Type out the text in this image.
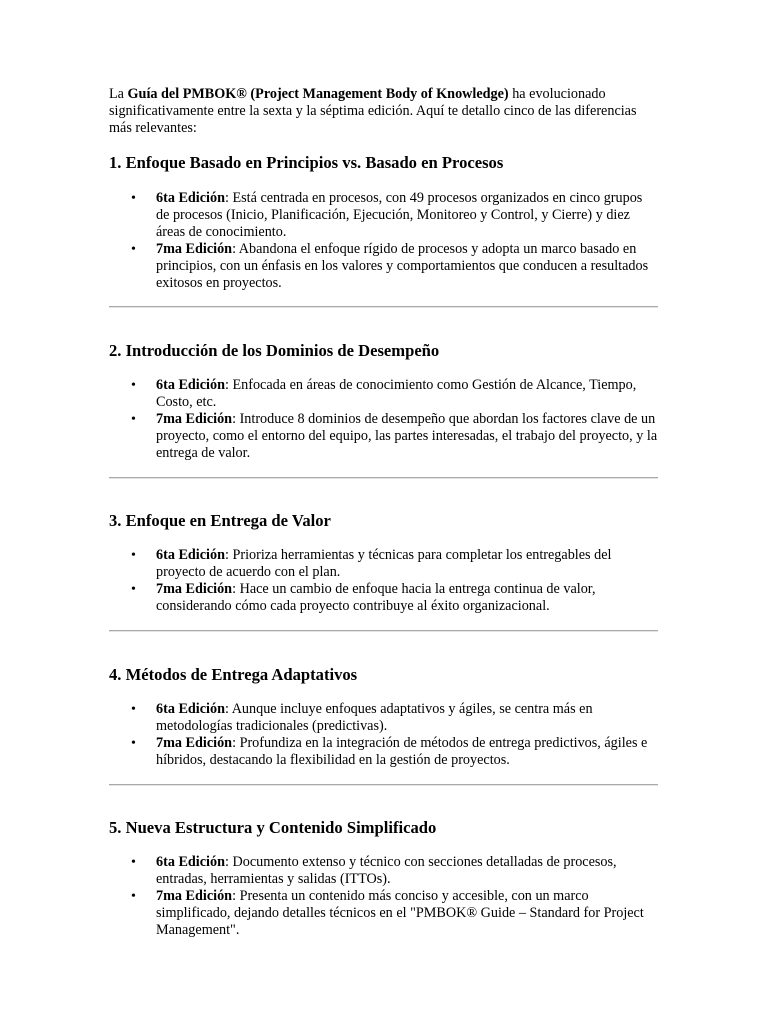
La Guía del PMBOK® (Project Management Body of Knowledge) ha evolucionado significativamente entre la sexta y la séptima edición. Aquí te detallo cinco de las diferencias más relevantes:

1. Enfoque Basado en Principios vs. Basado en Procesos
• 6ta Edición: Está centrada en procesos, con 49 procesos organizados en cinco grupos de procesos (Inicio, Planificación, Ejecución, Monitoreo y Control, y Cierre) y diez áreas de conocimiento.
• 7ma Edición: Abandona el enfoque rígido de procesos y adopta un marco basado en principios, con un énfasis en los valores y comportamientos que conducen a resultados exitosos en proyectos.
2. Introducción de los Dominios de Desempeño
• 6ta Edición: Enfocada en áreas de conocimiento como Gestión de Alcance, Tiempo, Costo, etc.
• 7ma Edición: Introduce 8 dominios de desempeño que abordan los factores clave de un proyecto, como el entorno del equipo, las partes interesadas, el trabajo del proyecto, y la entrega de valor.
3. Enfoque en Entrega de Valor
• 6ta Edición: Prioriza herramientas y técnicas para completar los entregables del proyecto de acuerdo con el plan.
• 7ma Edición: Hace un cambio de enfoque hacia la entrega continua de valor, considerando cómo cada proyecto contribuye al éxito organizacional.
4. Métodos de Entrega Adaptativos
• 6ta Edición: Aunque incluye enfoques adaptativos y ágiles, se centra más en metodologías tradicionales (predictivas).
• 7ma Edición: Profundiza en la integración de métodos de entrega predictivos, ágiles e híbridos, destacando la flexibilidad en la gestión de proyectos.
5. Nueva Estructura y Contenido Simplificado
• 6ta Edición: Documento extenso y técnico con secciones detalladas de procesos, entradas, herramientas y salidas (ITTOs).
• 7ma Edición: Presenta un contenido más conciso y accesible, con un marco simplificado, dejando detalles técnicos en el "PMBOK® Guide – Standard for Project Management".
